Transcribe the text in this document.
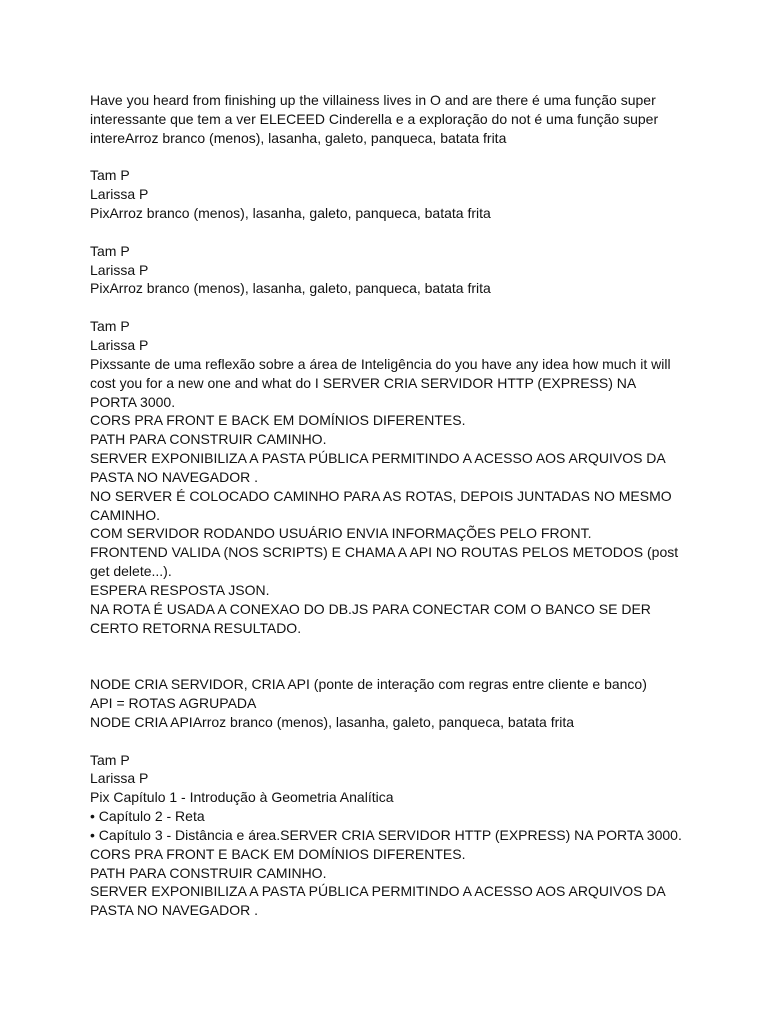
Have you heard from finishing up the villainess lives in O and are there é uma função super
interessante que tem a ver ELECEED Cinderella e a exploração do not é uma função super
intereArroz branco (menos), lasanha, galeto, panqueca, batata frita
Tam P
Larissa P
PixArroz branco (menos), lasanha, galeto, panqueca, batata frita
Tam P
Larissa P
PixArroz branco (menos), lasanha, galeto, panqueca, batata frita
Tam P
Larissa P
Pixssante de uma reflexão sobre a área de Inteligência do you have any idea how much it will
cost you for a new one and what do I SERVER CRIA SERVIDOR HTTP (EXPRESS) NA
PORTA 3000.
CORS PRA FRONT E BACK EM DOMÍNIOS DIFERENTES.
PATH PARA CONSTRUIR CAMINHO.
SERVER EXPONIBILIZA A PASTA PÚBLICA PERMITINDO A ACESSO AOS ARQUIVOS DA
PASTA NO NAVEGADOR .
NO SERVER É COLOCADO CAMINHO PARA AS ROTAS, DEPOIS JUNTADAS NO MESMO
CAMINHO.
COM SERVIDOR RODANDO USUÁRIO ENVIA INFORMAÇÕES PELO FRONT.
FRONTEND VALIDA (NOS SCRIPTS) E CHAMA A API NO ROUTAS PELOS METODOS (post
get delete...).
ESPERA RESPOSTA JSON.
NA ROTA É USADA A CONEXAO DO DB.JS PARA CONECTAR COM O BANCO SE DER
CERTO RETORNA RESULTADO.
NODE CRIA SERVIDOR, CRIA API (ponte de interação com regras entre cliente e banco)
API = ROTAS AGRUPADA
NODE CRIA APIArroz branco (menos), lasanha, galeto, panqueca, batata frita
Tam P
Larissa P
Pix Capítulo 1 - Introdução à Geometria Analítica
• Capítulo 2 - Reta
• Capítulo 3 - Distância e área.SERVER CRIA SERVIDOR HTTP (EXPRESS) NA PORTA 3000.
CORS PRA FRONT E BACK EM DOMÍNIOS DIFERENTES.
PATH PARA CONSTRUIR CAMINHO.
SERVER EXPONIBILIZA A PASTA PÚBLICA PERMITINDO A ACESSO AOS ARQUIVOS DA
PASTA NO NAVEGADOR .
